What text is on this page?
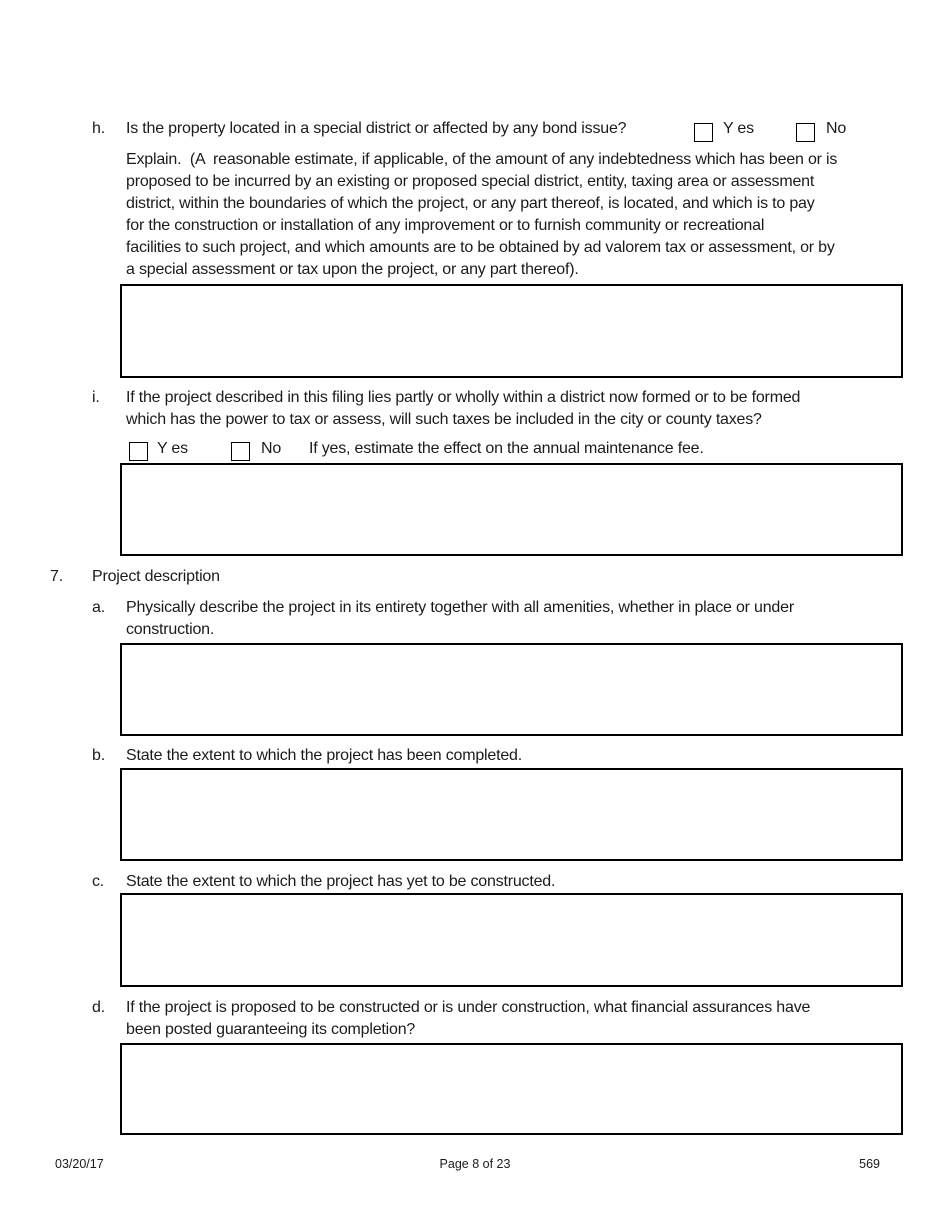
h. Is the property located in a special district or affected by any bond issue?	Y es	No
Explain.  (A  reasonable estimate, if applicable, of the amount of any indebtedness which has been or is
proposed to be incurred by an existing or proposed special district, entity, taxing area or assessment
district, within the boundaries of which the project, or any part thereof, is located, and which is to pay
for the construction or installation of any improvement or to furnish community or recreational
facilities to such project, and which amounts are to be obtained by ad valorem tax or assessment, or by
a special assessment or tax upon the project, or any part thereof).
i. If the project described in this filing lies partly or wholly within a district now formed or to be formed
which has the power to tax or assess, will such taxes be included in the city or county taxes?
Y es	No If yes, estimate the effect on the annual maintenance fee.
7. Project description
a. Physically describe the project in its entirety together with all amenities, whether in place or under
construction.
b. State the extent to which the project has been completed.
c. State the extent to which the project has yet to be constructed.
d. If the project is proposed to be constructed or is under construction, what financial assurances have
been posted guaranteeing its completion?
03/20/17	Page 8 of 23	569
